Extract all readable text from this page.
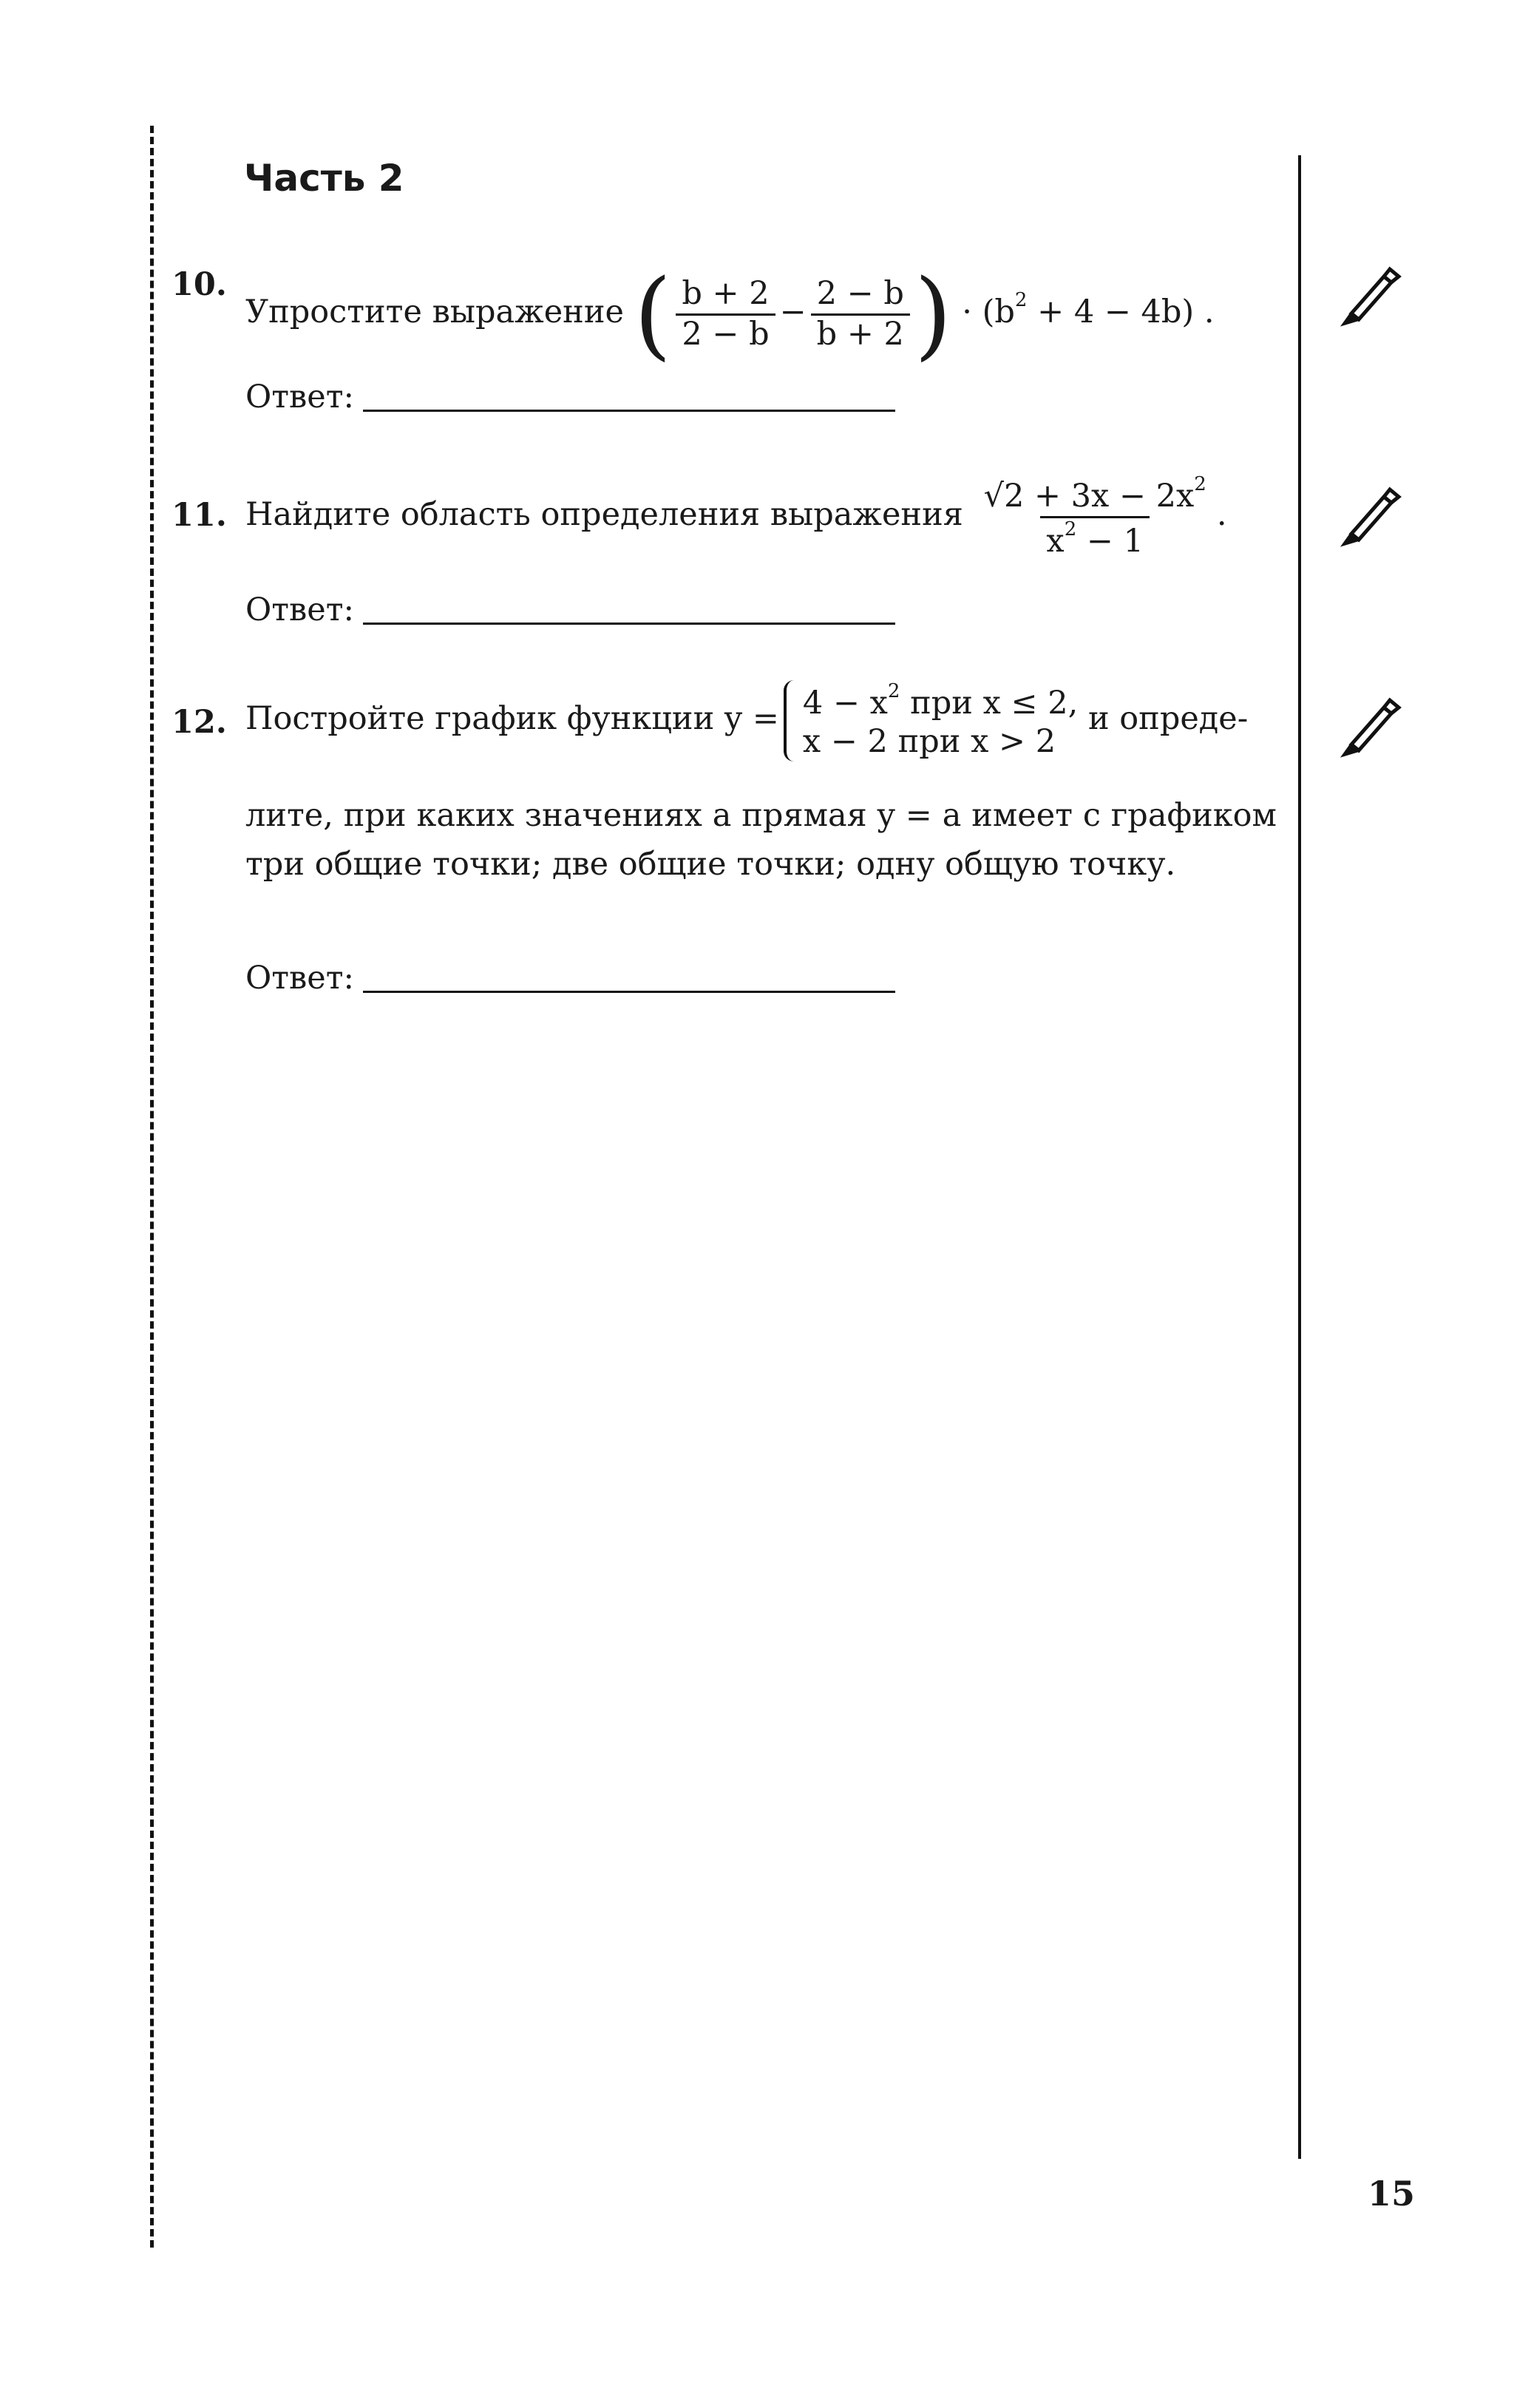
Часть 2
10.
Упростите выражение ( $\frac{b + 2}{2 - b} - \frac{2 - b}{b + 2}$ ) · $(b^2 + 4 - 4b)$ .
Ответ:
11. Найдите область определения выражения $\frac{√2 + 3x - 2x^2}{x^2 - 1}$ .
Ответ:
12. Постройте график функции $y = 4 - x^2$ при x ≤ 2,
x − 2 при x > 2
и опреде-

лите, при каких значениях a прямая y = a имеет с графиком три общие точки; две общие точки; одну общую точку.

Ответ:
15
